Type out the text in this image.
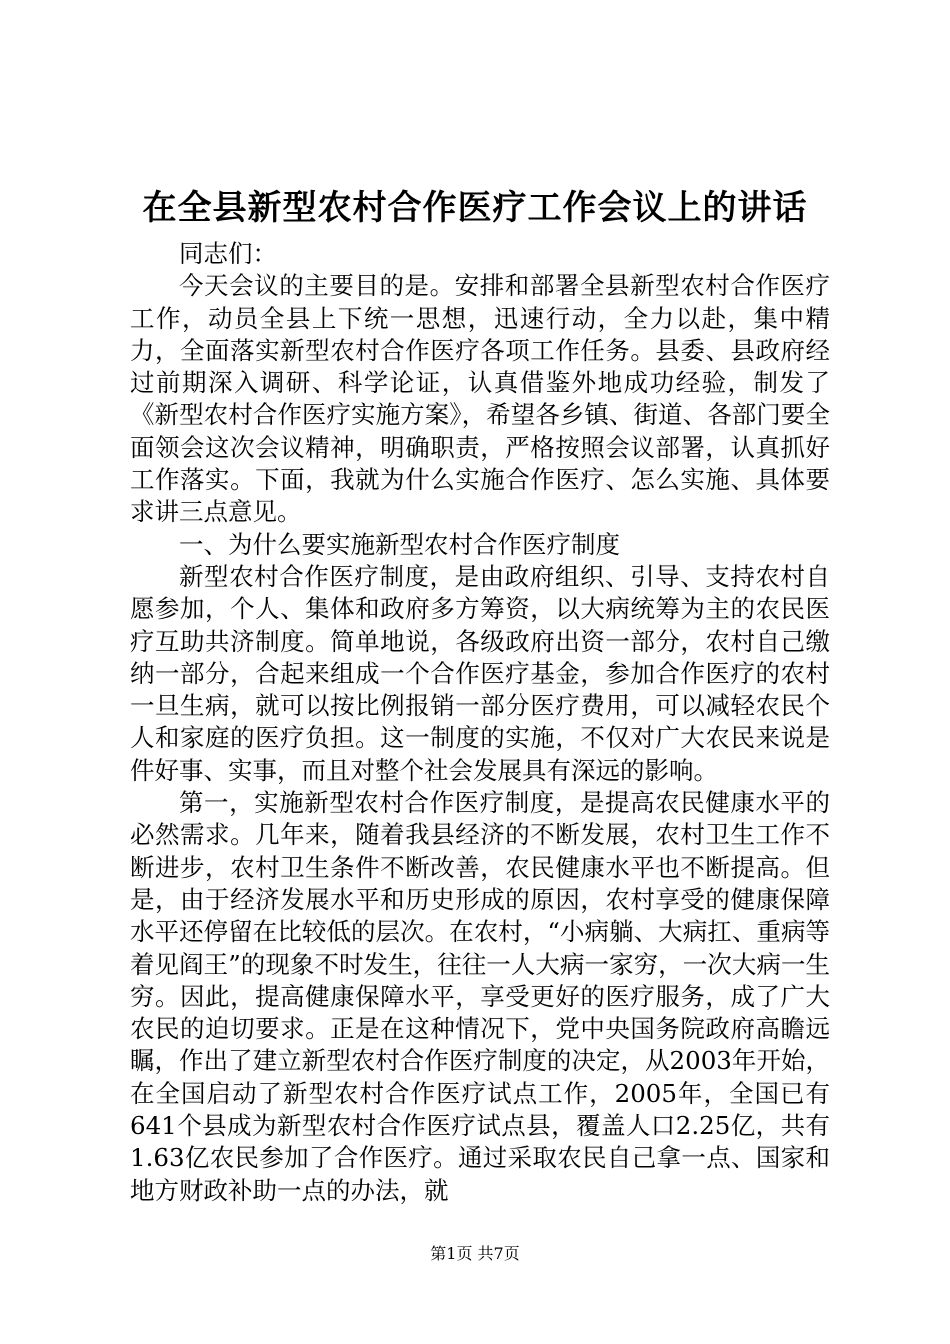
在全县新型农村合作医疗工作会议上的讲话

同志们：

今天会议的主要目的是。安排和部署全县新型农村合作医疗工作，动员全县上下统一思想，迅速行动，全力以赴，集中精力，全面落实新型农村合作医疗各项工作任务。县委、县政府经过前期深入调研、科学论证，认真借鉴外地成功经验，制发了《新型农村合作医疗实施方案》，希望各乡镇、街道、各部门要全面领会这次会议精神，明确职责，严格按照会议部署，认真抓好工作落实。下面，我就为什么实施合作医疗、怎么实施、具体要求讲三点意见。

一、为什么要实施新型农村合作医疗制度

新型农村合作医疗制度，是由政府组织、引导、支持农村自愿参加，个人、集体和政府多方筹资，以大病统筹为主的农民医疗互助共济制度。简单地说，各级政府出资一部分，农村自己缴纳一部分，合起来组成一个合作医疗基金，参加合作医疗的农村一旦生病，就可以按比例报销一部分医疗费用，可以减轻农民个人和家庭的医疗负担。这一制度的实施，不仅对广大农民来说是件好事、实事，而且对整个社会发展具有深远的影响。

第一，实施新型农村合作医疗制度，是提高农民健康水平的必然需求。几年来，随着我县经济的不断发展，农村卫生工作不断进步，农村卫生条件不断改善，农民健康水平也不断提高。但是，由于经济发展水平和历史形成的原因，农村享受的健康保障水平还停留在比较低的层次。在农村，“小病躺、大病扛、重病等着见阎王”的现象不时发生，往往一人大病一家穷，一次大病一生穷。因此，提高健康保障水平，享受更好的医疗服务，成了广大农民的迫切要求。正是在这种情况下，党中央国务院政府高瞻远瞩，作出了建立新型农村合作医疗制度的决定，从2003年开始，在全国启动了新型农村合作医疗试点工作，2005年，全国已有641个县成为新型农村合作医疗试点县，覆盖人口2.25亿，共有1.63亿农民参加了合作医疗。通过采取农民自己拿一点、国家和地方财政补助一点的办法，就

第1页 共7页
